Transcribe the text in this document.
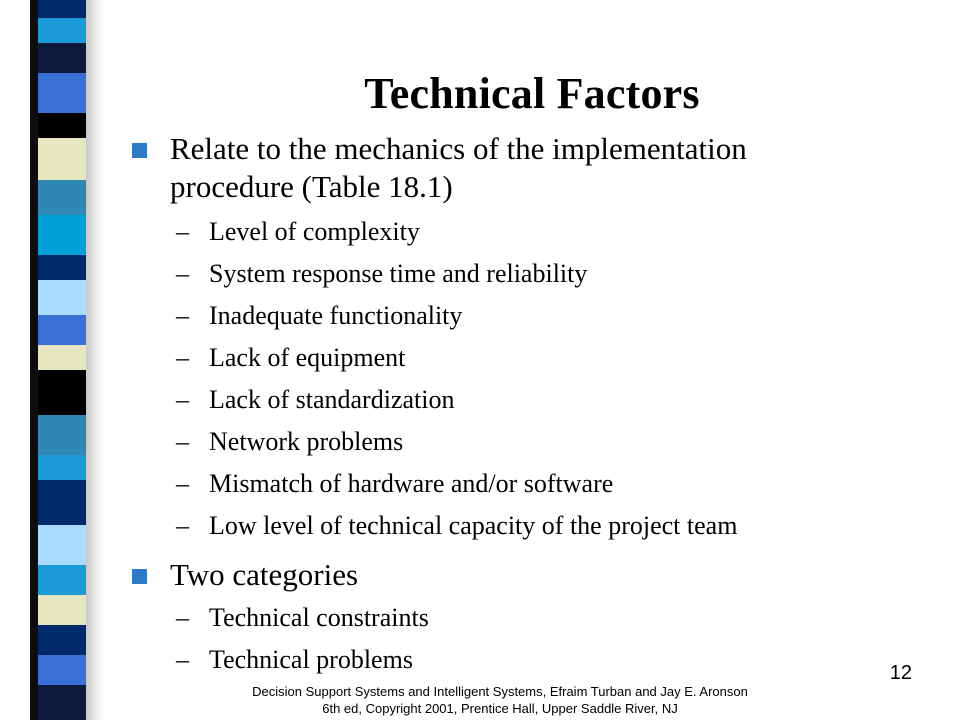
Technical Factors
Relate to the mechanics of the implementation procedure (Table 18.1)
– Level of complexity
– System response time and reliability
– Inadequate functionality
– Lack of equipment
– Lack of standardization
– Network problems
– Mismatch of hardware and/or software
– Low level of technical capacity of the project team
Two categories
– Technical constraints
– Technical problems	12
Decision Support Systems and Intelligent Systems, Efraim Turban and Jay E. Aronson
6th ed, Copyright 2001, Prentice Hall, Upper Saddle River, NJ
